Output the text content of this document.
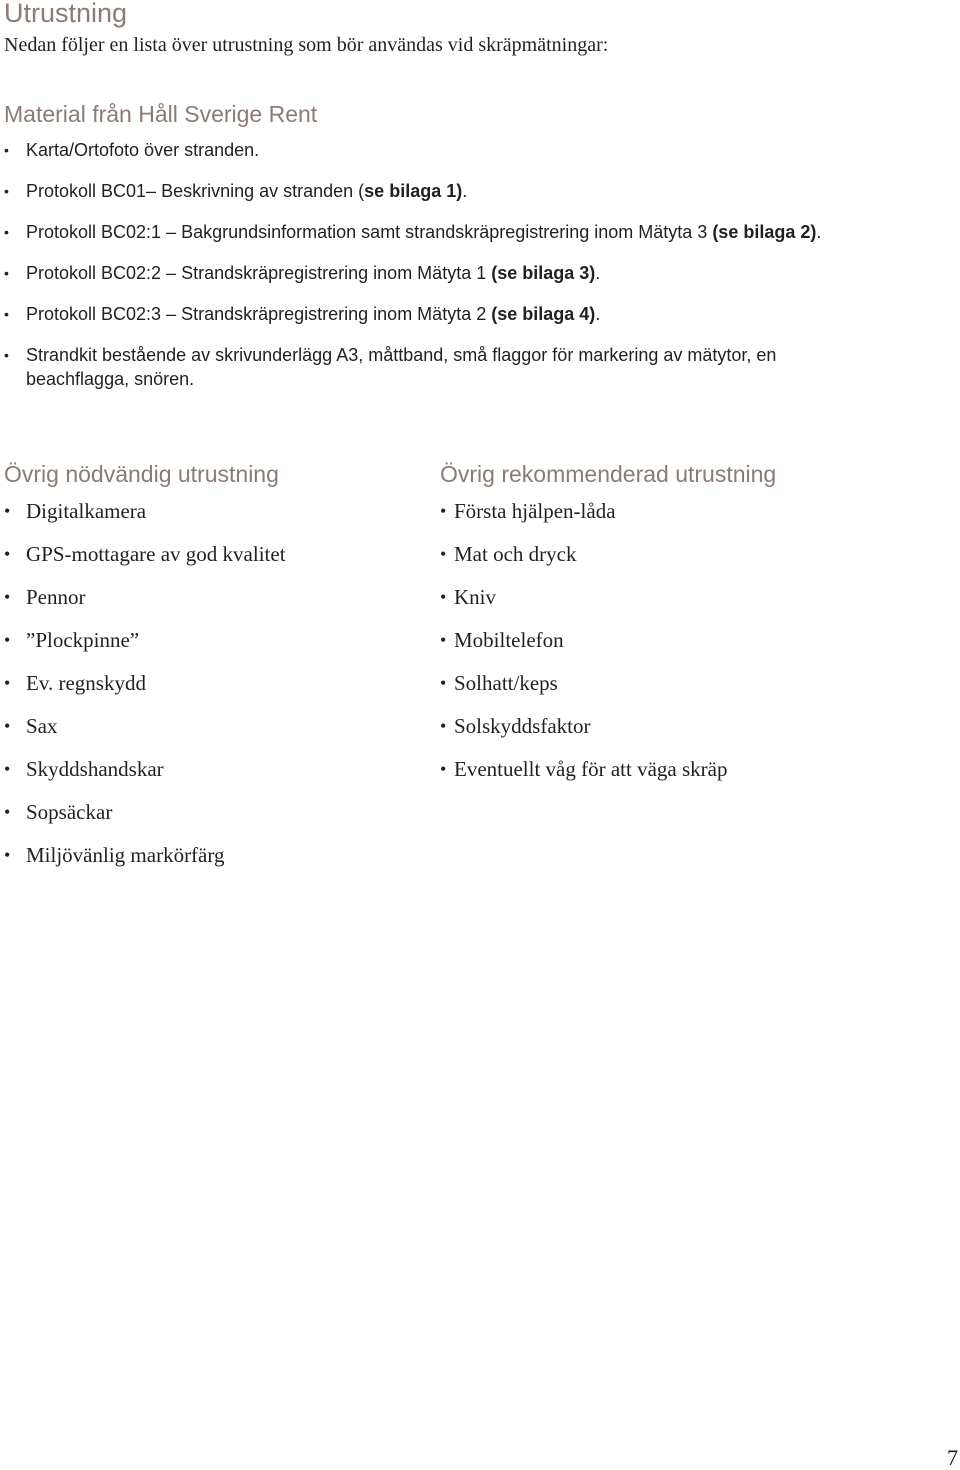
Utrustning

Nedan följer en lista över utrustning som bör användas vid skräpmätningar:

Material från Håll Sverige Rent
• Karta/Ortofoto över stranden.
• Protokoll BC01– Beskrivning av stranden (se bilaga 1).
• Protokoll BC02:1 – Bakgrundsinformation samt strandskräpregistrering inom Mätyta 3 (se bilaga 2).
• Protokoll BC02:2 – Strandskräpregistrering inom Mätyta 1 (se bilaga 3).
• Protokoll BC02:3 – Strandskräpregistrering inom Mätyta 2 (se bilaga 4).
• Strandkit bestående av skrivunderlägg A3, måttband, små flaggor för markering av mätytor, en beachflagga, snören.
Övrig nödvändig utrustning
• Digitalkamera
• GPS-mottagare av god kvalitet
• Pennor
• ”Plockpinne”
• Ev. regnskydd
• Sax
• Skyddshandskar
• Sopsäckar
• Miljövänlig markörfärg
Övrig rekommenderad utrustning
• Första hjälpen-låda
• Mat och dryck
• Kniv
• Mobiltelefon
• Solhatt/keps
• Solskyddsfaktor
• Eventuellt våg för att väga skräp
7
